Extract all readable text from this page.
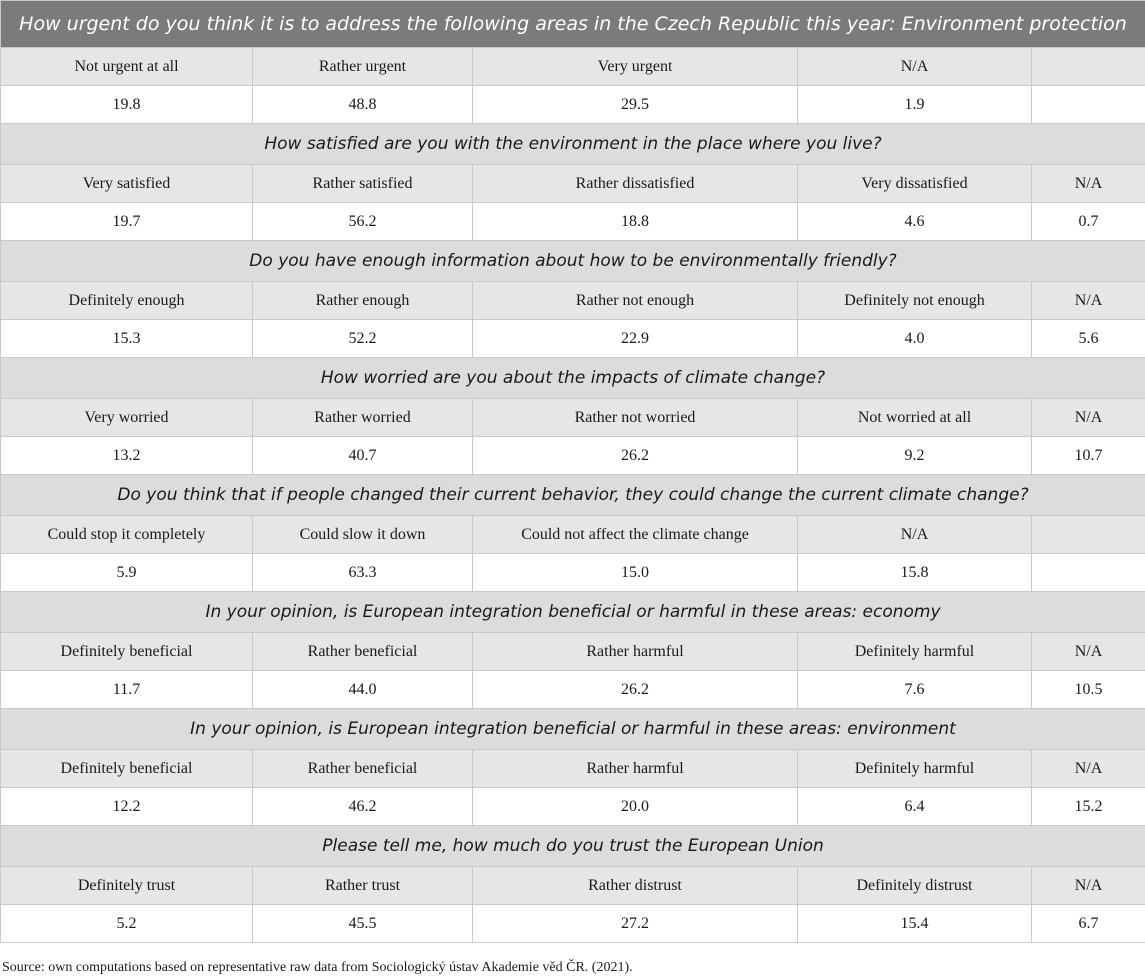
How urgent do you think it is to address the following areas in the Czech Republic this year: Environment protection				
Not urgent at all	Rather urgent	Very urgent	N/A	
19.8	48.8	29.5	1.9	
How satisfied are you with the environment in the place where you live?				
Very satisfied	Rather satisfied	Rather dissatisfied	Very dissatisfied	N/A
19.7	56.2	18.8	4.6	0.7
Do you have enough information about how to be environmentally friendly?				
Definitely enough	Rather enough	Rather not enough	Definitely not enough	N/A
15.3	52.2	22.9	4.0	5.6
How worried are you about the impacts of climate change?				
Very worried	Rather worried	Rather not worried	Not worried at all	N/A
13.2	40.7	26.2	9.2	10.7
Do you think that if people changed their current behavior, they could change the current climate change?				
Could stop it completely	Could slow it down	Could not affect the climate change	N/A	
5.9	63.3	15.0	15.8	
In your opinion, is European integration beneficial or harmful in these areas: economy				
Definitely beneficial	Rather beneficial	Rather harmful	Definitely harmful	N/A
11.7	44.0	26.2	7.6	10.5
In your opinion, is European integration beneficial or harmful in these areas: environment				
Definitely beneficial	Rather beneficial	Rather harmful	Definitely harmful	N/A
12.2	46.2	20.0	6.4	15.2
Please tell me, how much do you trust the European Union				
Definitely trust	Rather trust	Rather distrust	Definitely distrust	N/A
5.2	45.5	27.2	15.4	6.7
Source: own computations based on representative raw data from Sociologický ústav Akademie věd ČR. (2021).
